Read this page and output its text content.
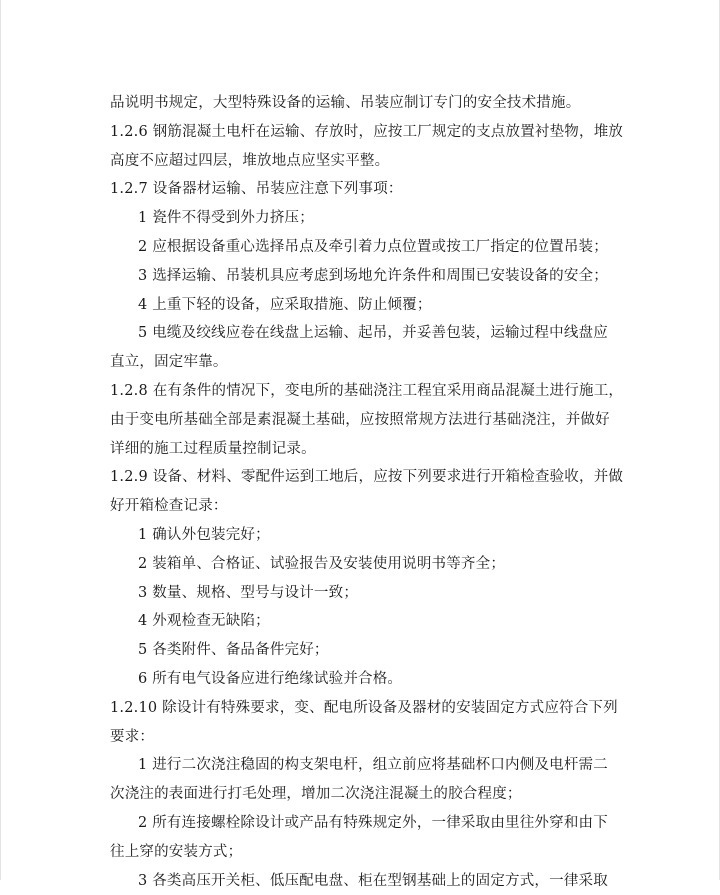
品说明书规定，大型特殊设备的运输、吊装应制订专门的安全技术措施。

1.2.6 钢筋混凝土电杆在运输、存放时，应按工厂规定的支点放置衬垫物，堆放

高度不应超过四层，堆放地点应坚实平整。

1.2.7 设备器材运输、吊装应注意下列事项：

1 瓷件不得受到外力挤压；

2 应根据设备重心选择吊点及牵引着力点位置或按工厂指定的位置吊装；

3 选择运输、吊装机具应考虑到场地允许条件和周围已安装设备的安全；

4 上重下轻的设备，应采取措施、防止倾覆；

5 电缆及绞线应卷在线盘上运输、起吊，并妥善包装，运输过程中线盘应

直立，固定牢靠。

1.2.8 在有条件的情况下，变电所的基础浇注工程宜采用商品混凝土进行施工，

由于变电所基础全部是素混凝土基础，应按照常规方法进行基础浇注，并做好

详细的施工过程质量控制记录。

1.2.9 设备、材料、零配件运到工地后，应按下列要求进行开箱检查验收，并做

好开箱检查记录：

1 确认外包装完好；

2 装箱单、合格证、试验报告及安装使用说明书等齐全；

3 数量、规格、型号与设计一致；

4 外观检查无缺陷；

5 各类附件、备品备件完好；

6 所有电气设备应进行绝缘试验并合格。

1.2.10 除设计有特殊要求，变、配电所设备及器材的安装固定方式应符合下列

要求：

1 进行二次浇注稳固的构支架电杆，组立前应将基础杯口内侧及电杆需二

次浇注的表面进行打毛处理，增加二次浇注混凝土的胶合程度；

2 所有连接螺栓除设计或产品有特殊规定外，一律采取由里往外穿和由下

往上穿的安装方式；

3 各类高压开关柜、低压配电盘、柜在型钢基础上的固定方式，一律采取
